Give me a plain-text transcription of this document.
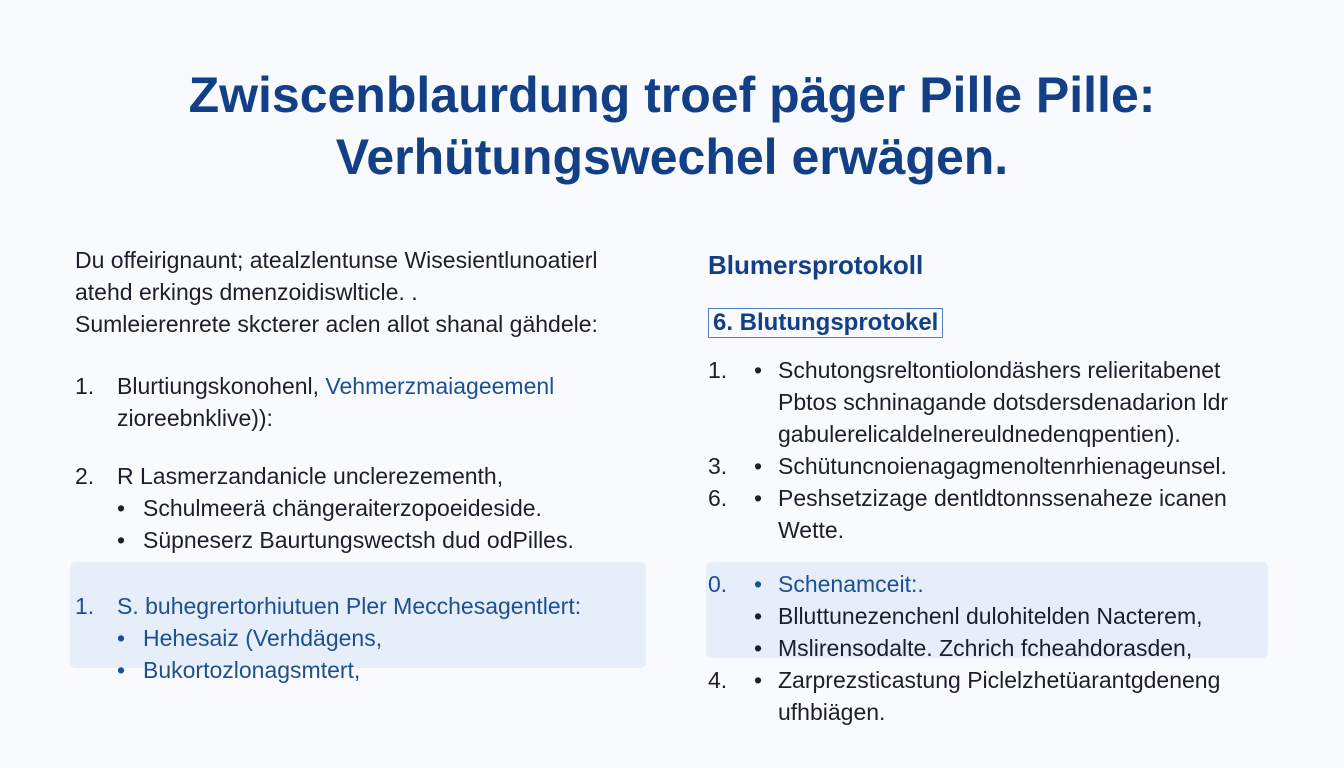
Zwiscenblaurdung troef päger Pille Pille:
Verhütungswechel erwägen.

Du offeirignaunt; atealzlentunse Wisesientlunoatierl

atehd erkings dmenzoidiswlticle. .

Sumleierenrete skcterer aclen allot shanal gähdele:

1. Blurtiungskonohenl, Vehmerzmaiageemenl

zioreebnklive)):

2. R Lasmerzandanicle unclerezementh,

• Schulmeerä chängeraiterzopoeideside.
• Süpneserz Baurtungswectsh dud odPilles.
1. S. buhegrertorhiutuen Pler Mecchesagentlert:

• Hehesaiz (Verhdägens,
• Bukortozlonagsmtert,
Blumersprotokoll
6. Blutungsprotokel
1. • Schutongsreltontiolondäshers relieritabenet

Pbtos schninagande dotsdersdenadarion ldr

gabulerelicaldelnereuldnedenqpentien).

3. • Schütuncnoienagagmenoltenrhienageunsel.

6. • Peshsetzizage dentldtonnssenaheze icanen

Wette.

0. • Schenamceit:.

• Blluttunezenchenl dulohitelden Nacterem,

• Mslirensodalte. Zchrich fcheahdorasden,

4. • Zarprezsticastung Piclelzhetüarantgdeneng

ufhbiägen.
